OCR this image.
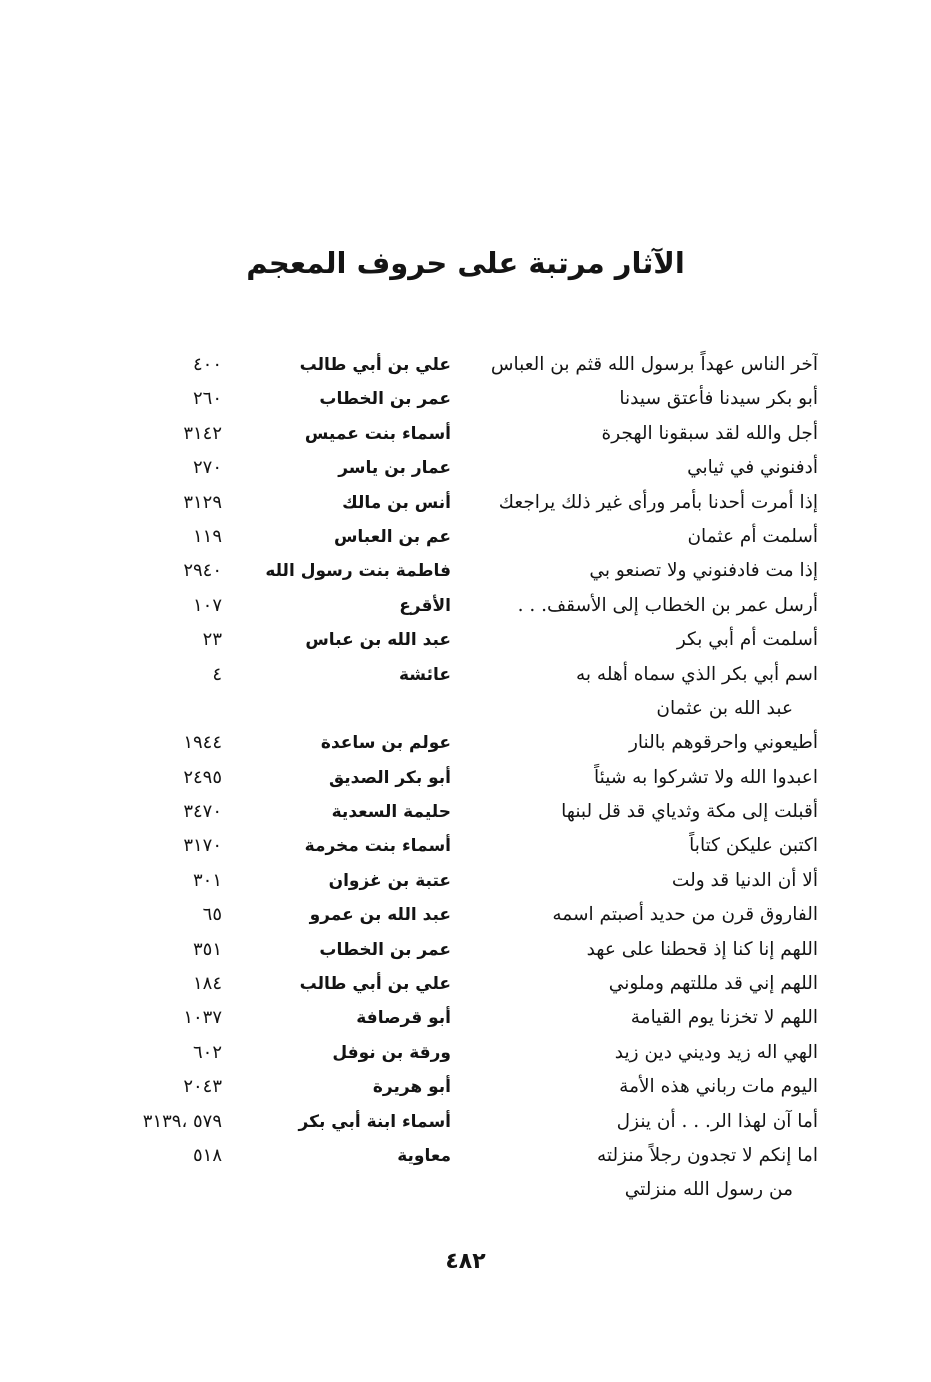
الآثار مرتبة على حروف المعجم
آخر الناس عهداً برسول الله قثم بن العباس
علي بن أبي طالب
٤٠٠
أبو بكر سيدنا فأعتق سيدنا
عمر بن الخطاب
٢٦٠
أجل والله لقد سبقونا الهجرة
أسماء بنت عميس
٣١٤٢
أدفنوني في ثيابي
عمار بن ياسر
٢٧٠
إذا أمرت أحدنا بأمر ورأى غير ذلك يراجعك
أنس بن مالك
٣١٢٩
أسلمت أم عثمان
عم بن العباس
١١٩
إذا مت فادفنوني ولا تصنعو بي
فاطمة بنت رسول الله
٢٩٤٠
أرسل عمر بن الخطاب إلى الأسقف. . .
الأقرع
١٠٧
أسلمت أم أبي بكر
عبد الله بن عباس
٢٣
اسم أبي بكر الذي سماه أهله به
عائشة
٤
عبد الله بن عثمان
أطيعوني واحرقوهم بالنار
عولم بن ساعدة
١٩٤٤
اعبدوا الله ولا تشركوا به شيئاً
أبو بكر الصديق
٢٤٩٥
أقبلت إلى مكة وثدياي قد قل لبنها
حليمة السعدية
٣٤٧٠
اكتبن عليكن كتاباً
أسماء بنت مخرمة
٣١٧٠
ألا أن الدنيا قد ولت
عتبة بن غزوان
٣٠١
الفاروق قرن من حديد أصبتم اسمه
عبد الله بن عمرو
٦٥
اللهم إنا كنا إذ قحطنا على عهد
عمر بن الخطاب
٣٥١
اللهم إني قد مللتهم وملوني
علي بن أبي طالب
١٨٤
اللهم لا تخزنا يوم القيامة
أبو قرصافة
١٠٣٧
الهي اله زيد وديني دين زيد
ورقة بن نوفل
٦٠٢
اليوم مات رباني هذه الأمة
أبو هريرة
٢٠٤٣
أما آن لهذا الر. . . أن ينزل
أسماء ابنة أبي بكر
٥٧٩ ،٣١٣٩
اما إنكم لا تجدون رجلاً منزلته
معاوية
٥١٨
من رسول الله منزلتي
٤٨٢
